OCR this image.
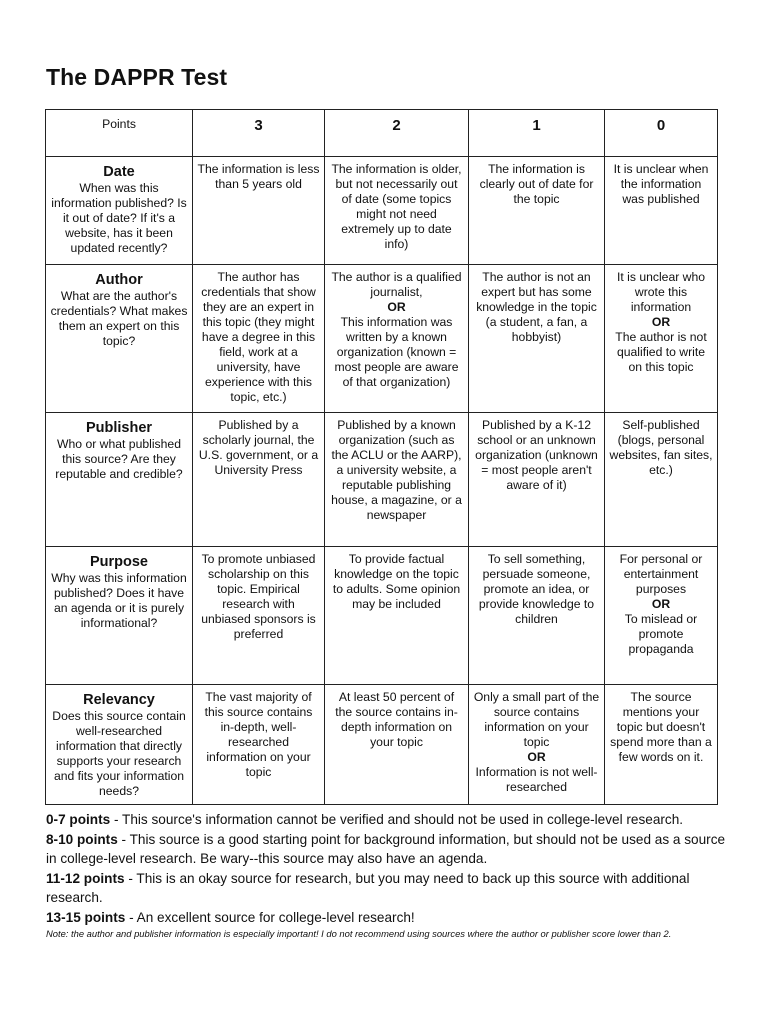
The DAPPR Test
Points	3	2	1	0

Date
When was this information published? Is it out of date? If it's a website, has it been updated recently?	The information is less than 5 years old	The information is older, but not necessarily out of date (some topics might not need extremely up to date info)	The information is clearly out of date for the topic	It is unclear when the information was published

Author
What are the author's credentials? What makes them an expert on this topic?	The author has credentials that show they are an expert in this topic (they might have a degree in this field, work at a university, have experience with this topic, etc.)	The author is a qualified journalist,
OR
This information was written by a known organization (known = most people are aware of that organization)	The author is not an expert but has some knowledge in the topic (a student, a fan, a hobbyist)	It is unclear who wrote this information
OR
The author is not qualified to write on this topic

Publisher
Who or what published this source? Are they reputable and credible?	Published by a scholarly journal, the U.S. government, or a University Press	Published by a known organization (such as the ACLU or the AARP), a university website, a reputable publishing house, a magazine, or a newspaper	Published by a K-12 school or an unknown organization (unknown = most people aren't aware of it)	Self-published (blogs, personal websites, fan sites, etc.)

Purpose
Why was this information published? Does it have an agenda or it is purely informational?	To promote unbiased scholarship on this topic. Empirical research with unbiased sponsors is preferred	To provide factual knowledge on the topic to adults. Some opinion may be included	To sell something, persuade someone, promote an idea, or provide knowledge to children	For personal or entertainment purposes
OR
To mislead or promote propaganda

Relevancy
Does this source contain well-researched information that directly supports your research and fits your information needs?	The vast majority of this source contains in-depth, well-researched information on your topic	At least 50 percent of the source contains in-depth information on your topic	Only a small part of the source contains information on your topic
OR
Information is not well-researched	The source mentions your topic but doesn't spend more than a few words on it.

0-7 points - This source's information cannot be verified and should not be used in college-level research.

8-10 points - This source is a good starting point for background information, but should not be used as a source in college-level research. Be wary--this source may also have an agenda.

11-12 points - This is an okay source for research, but you may need to back up this source with additional research.

13-15 points - An excellent source for college-level research!

Note: the author and publisher information is especially important! I do not recommend using sources where the author or publisher score lower than 2.
